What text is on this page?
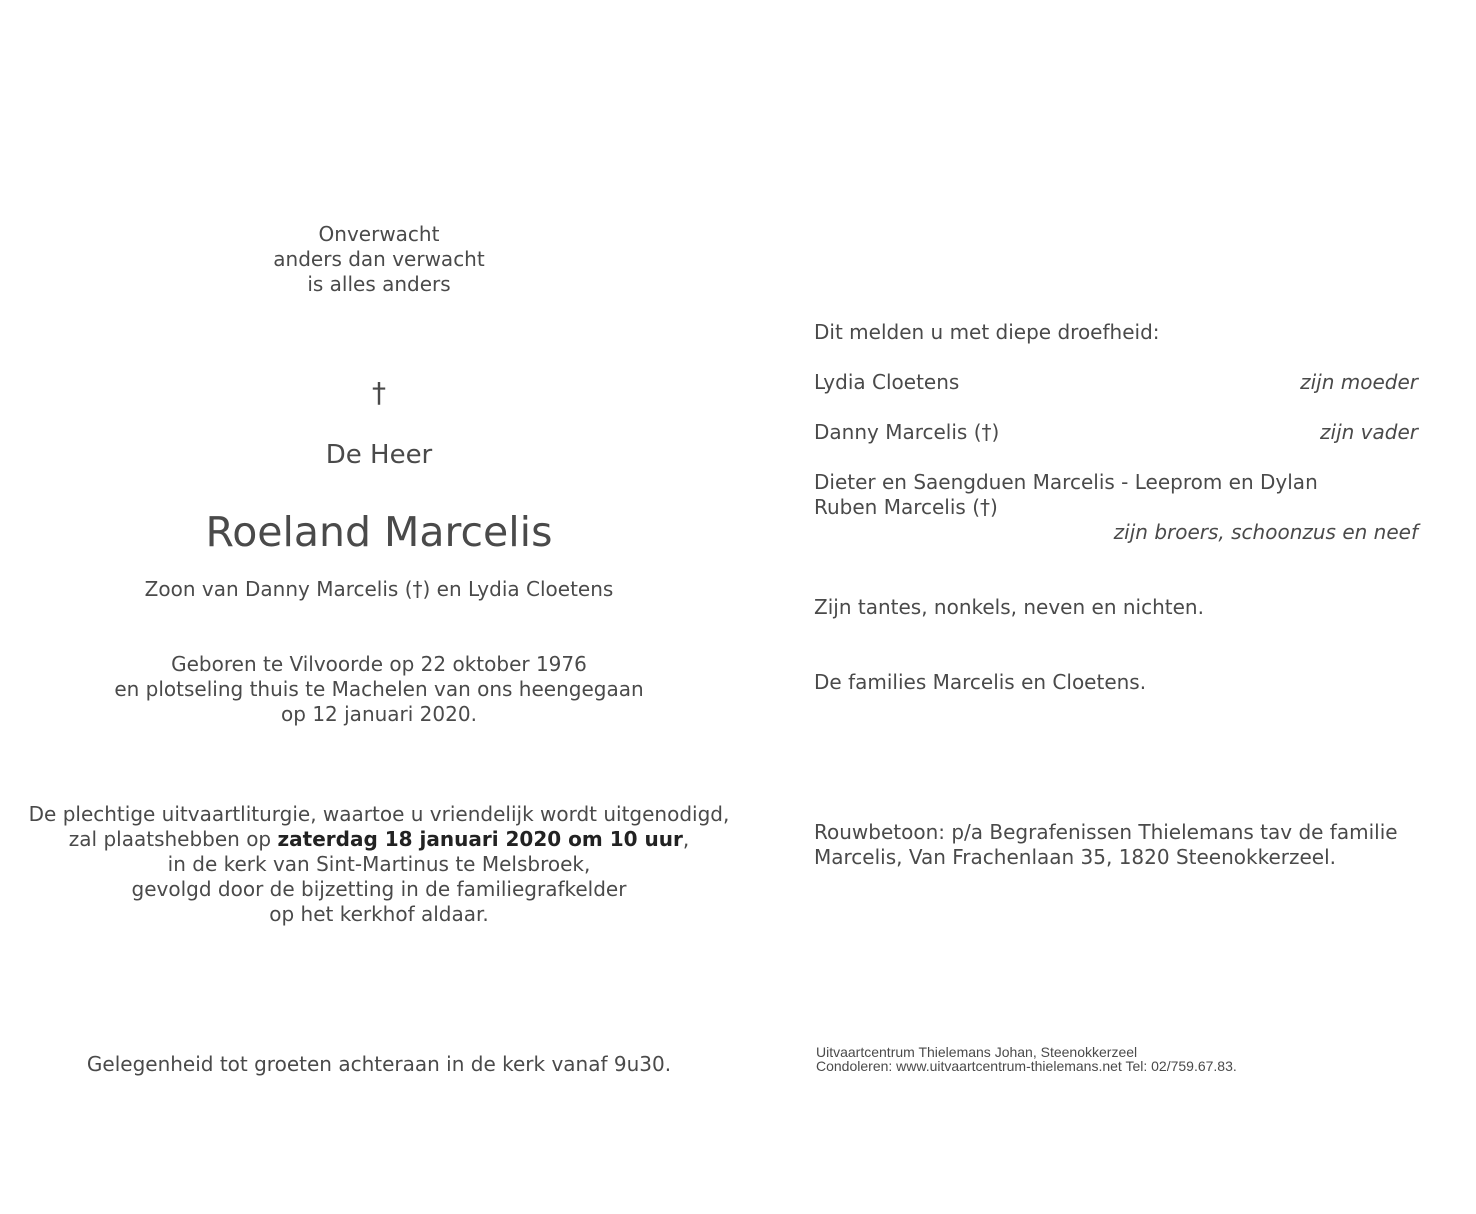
Onverwacht
anders dan verwacht
is alles anders
†
De Heer
Roeland Marcelis
Zoon van Danny Marcelis (†) en Lydia Cloetens
Geboren te Vilvoorde op 22 oktober 1976
en plotseling thuis te Machelen van ons heengegaan
op 12 januari 2020.
De plechtige uitvaartliturgie, waartoe u vriendelijk wordt uitgenodigd,
zal plaatshebben op zaterdag 18 januari 2020 om 10 uur,
in de kerk van Sint-Martinus te Melsbroek,
gevolgd door de bijzetting in de familiegrafkelder
op het kerkhof aldaar.
Gelegenheid tot groeten achteraan in de kerk vanaf 9u30.
Dit melden u met diepe droefheid:
Lydia Cloetens	zijn moeder
Danny Marcelis (†)	zijn vader
Dieter en Saengduen Marcelis - Leeprom en Dylan
Ruben Marcelis (†)
zijn broers, schoonzus en neef
Zijn tantes, nonkels, neven en nichten.
De families Marcelis en Cloetens.
Rouwbetoon: p/a Begrafenissen Thielemans tav de familie
Marcelis, Van Frachenlaan 35, 1820 Steenokkerzeel.
Uitvaartcentrum Thielemans Johan, Steenokkerzeel
Condoleren: www.uitvaartcentrum-thielemans.net Tel: 02/759.67.83.
